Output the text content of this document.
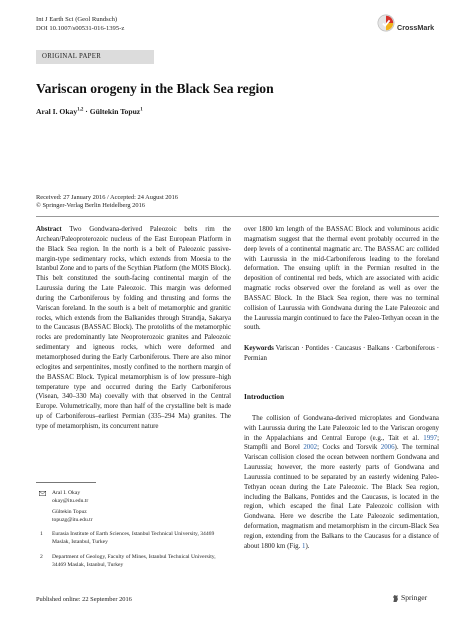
Int J Earth Sci (Geol Rundsch)
DOI 10.1007/s00531-016-1395-z	CrossMark
ORIGINAL PAPER
Variscan orogeny in the Black Sea region
Aral I. Okay$^{1,2}$ · Gültekin Topuz$^1$
Received: 27 January 2016 / Accepted: 24 August 2016
© Springer-Verlag Berlin Heidelberg 2016

Abstract Two Gondwana-derived Paleozoic belts rim the Archean/Paleoproterozoic nucleus of the East European Platform in the Black Sea region. In the north is a belt of Paleozoic passive-margin-type sedimentary rocks, which extends from Moesia to the Istanbul Zone and to parts of the Scythian Platform (the MOIS Block). This belt constituted the south-facing continental margin of the Laurussia during the Late Paleozoic. This margin was deformed during the Carboniferous by folding and thrusting and forms the Variscan foreland. In the south is a belt of metamorphic and granitic rocks, which extends from the Balkanides through Strandja, Sakarya to the Caucasus (BASSAC Block). The protoliths of the metamorphic rocks are predominantly late Neoproterozoic granites and Paleozoic sedimentary and igneous rocks, which were deformed and metamorphosed during the Early Carboniferous. There are also minor eclogites and serpentinites, mostly confined to the northern margin of the BASSAC Block. Typical metamorphism is of low pressure–high temperature type and occurred during the Early Carboniferous (Visean, 340–330 Ma) coevally with that observed in the Central Europe. Volumetrically, more than half of the crystalline belt is made up of Carboniferous–earliest Permian (335–294 Ma) granites. The type of metamorphism, its concurrent nature

over 1800 km length of the BASSAC Block and voluminous acidic magmatism suggest that the thermal event probably occurred in the deep levels of a continental magmatic arc. The BASSAC arc collided with Laurussia in the mid-Carboniferous leading to the foreland deformation. The ensuing uplift in the Permian resulted in the deposition of continental red beds, which are associated with acidic magmatic rocks observed over the foreland as well as over the BASSAC Block. In the Black Sea region, there was no terminal collision of Laurussia with Gondwana during the Late Paleozoic and the Laurussia margin continued to face the Paleo-Tethyan ocean in the south.

Keywords Variscan · Pontides · Caucasus · Balkans · Carboniferous · Permian

Introduction

The collision of Gondwana-derived microplates and Gondwana with Laurussia during the Late Paleozoic led to the Variscan orogeny in the Appalachians and Central Europe (e.g., Tait et al. 1997; Stampfli and Borel 2002; Cocks and Torsvik 2006). The terminal Variscan collision closed the ocean between northern Gondwana and Laurussia; however, the more easterly parts of Gondwana and Laurussia continued to be separated by an easterly widening Paleo-Tethyan ocean during the Late Paleozoic. The Black Sea region, including the Balkans, Pontides and the Caucasus, is located in the region, which escaped the final Late Paleozoic collision with Gondwana. Here we describe the Late Paleozoic sedimentation, deformation, magmatism and metamorphism in the circum-Black Sea region, extending from the Balkans to the Caucasus for a distance of about 1800 km (Fig. 1).

Aral I. Okay
okay@itu.edu.tr
Gültekin Topuz
topuzg@itu.edu.tr
1 Eurasia Institute of Earth Sciences, Istanbul Technical University, 34469 Maslak, Istanbul, Turkey
2 Department of Geology, Faculty of Mines, Istanbul Technical University, 34469 Maslak, Istanbul, Turkey
Published online: 22 September 2016	Springer
